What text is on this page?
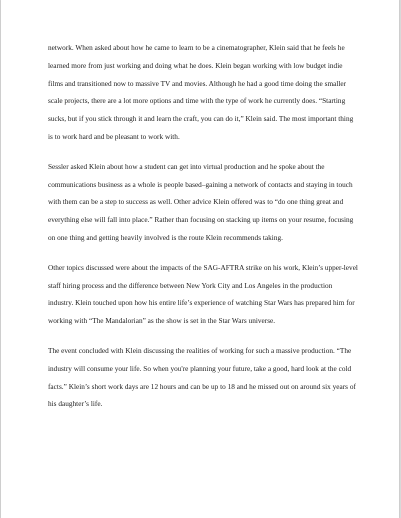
network. When asked about how he came to learn to be a cinematographer, Klein said that he feels he learned more from just working and doing what he does. Klein began working with low budget indie films and transitioned now to massive TV and movies. Although he had a good time doing the smaller scale projects, there are a lot more options and time with the type of work he currently does. “Starting sucks, but if you stick through it and learn the craft, you can do it,” Klein said. The most important thing is to work hard and be pleasant to work with.

Sessler asked Klein about how a student can get into virtual production and he spoke about the communications business as a whole is people based–gaining a network of contacts and staying in touch with them can be a step to success as well. Other advice Klein offered was to “do one thing great and everything else will fall into place.” Rather than focusing on stacking up items on your resume, focusing on one thing and getting heavily involved is the route Klein recommends taking.

Other topics discussed were about the impacts of the SAG-AFTRA strike on his work, Klein’s upper-level staff hiring process and the difference between New York City and Los Angeles in the production industry. Klein touched upon how his entire life’s experience of watching Star Wars has prepared him for working with “The Mandalorian” as the show is set in the Star Wars universe.

The event concluded with Klein discussing the realities of working for such a massive production. “The industry will consume your life. So when you're planning your future, take a good, hard look at the cold facts.” Klein’s short work days are 12 hours and can be up to 18 and he missed out on around six years of his daughter’s life.
